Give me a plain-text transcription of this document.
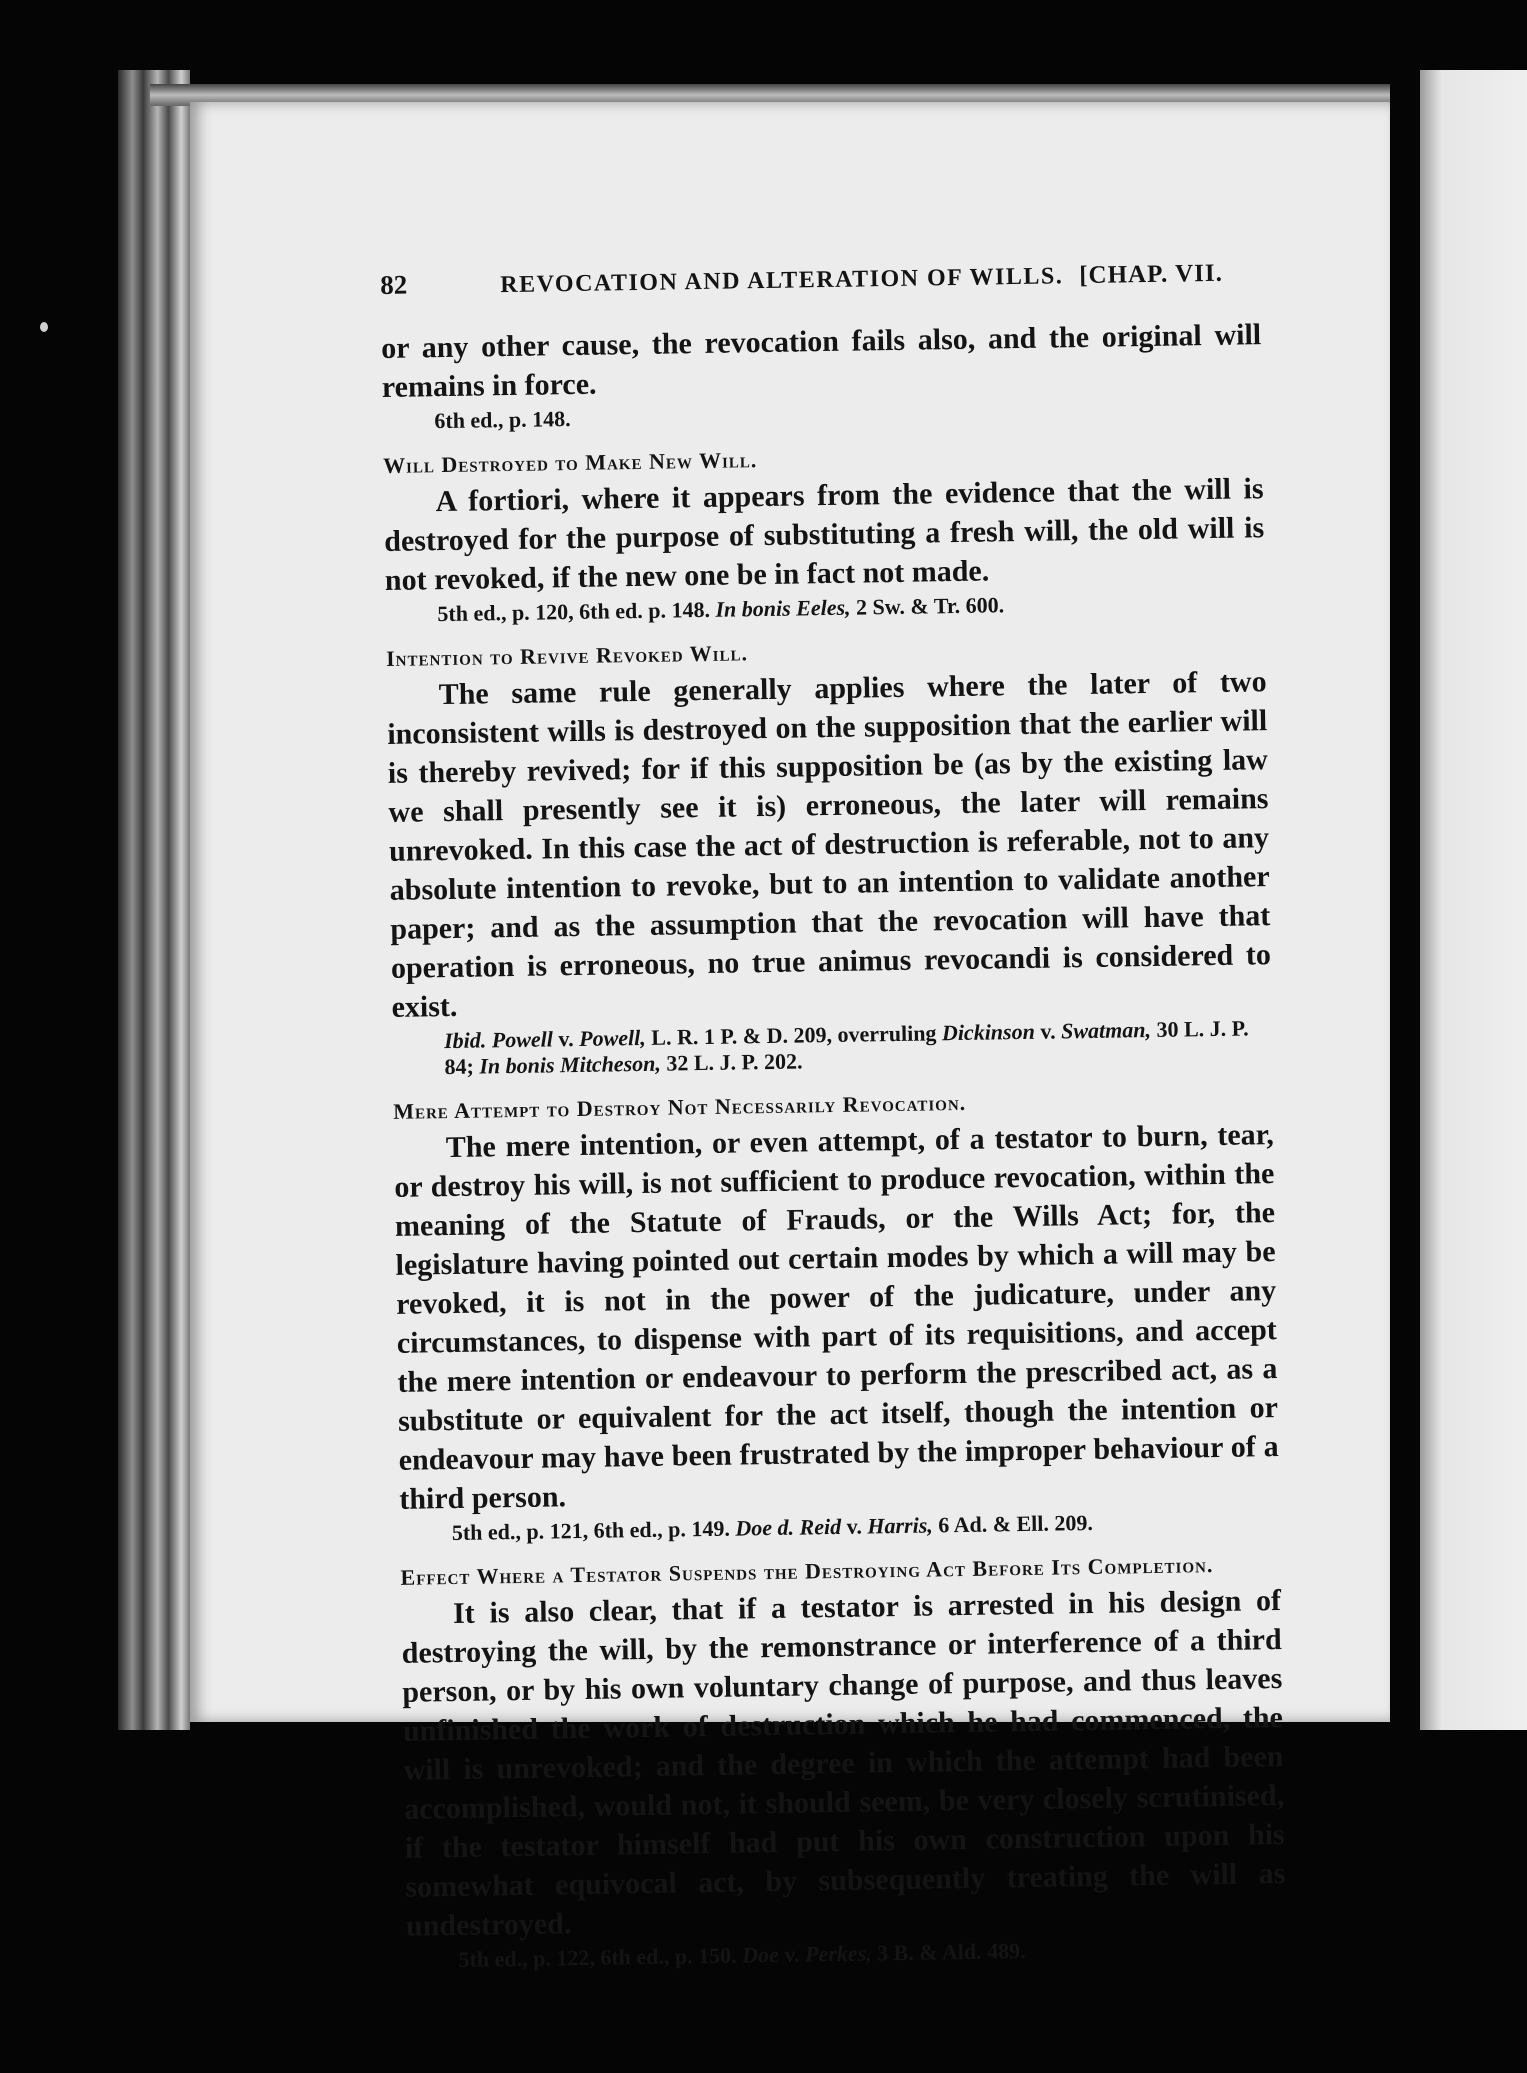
82	REVOCATION AND ALTERATION OF WILLS. [CHAP. VII.

or any other cause, the revocation fails also, and the original will remains in force.

6th ed., p. 148.

Will Destroyed to Make New Will.

A fortiori, where it appears from the evidence that the will is destroyed for the purpose of substituting a fresh will, the old will is not revoked, if the new one be in fact not made.

5th ed., p. 120, 6th ed. p. 148. In bonis Eeles, 2 Sw. & Tr. 600.

Intention to Revive Revoked Will.

The same rule generally applies where the later of two inconsistent wills is destroyed on the supposition that the earlier will is thereby revived; for if this supposition be (as by the existing law we shall presently see it is) erroneous, the later will remains unrevoked. In this case the act of destruction is referable, not to any absolute intention to revoke, but to an intention to validate another paper; and as the assumption that the revocation will have that operation is erroneous, no true animus revocandi is considered to exist.

Ibid. Powell v. Powell, L. R. 1 P. & D. 209, overruling Dickinson v. Swatman, 30 L. J. P. 84; In bonis Mitcheson, 32 L. J. P. 202.

Mere Attempt to Destroy Not Necessarily Revocation.

The mere intention, or even attempt, of a testator to burn, tear, or destroy his will, is not sufficient to produce revocation, within the meaning of the Statute of Frauds, or the Wills Act; for, the legislature having pointed out certain modes by which a will may be revoked, it is not in the power of the judicature, under any circumstances, to dispense with part of its requisitions, and accept the mere intention or endeavour to perform the prescribed act, as a substitute or equivalent for the act itself, though the intention or endeavour may have been frustrated by the improper behaviour of a third person.

5th ed., p. 121, 6th ed., p. 149. Doe d. Reid v. Harris, 6 Ad. & Ell. 209.

Effect Where a Testator Suspends the Destroying Act Before Its Completion.

It is also clear, that if a testator is arrested in his design of destroying the will, by the remonstrance or interference of a third person, or by his own voluntary change of purpose, and thus leaves unfinished the work of destruction which he had commenced, the will is unrevoked; and the degree in which the attempt had been accomplished, would not, it should seem, be very closely scrutinised, if the testator himself had put his own construction upon his somewhat equivocal act, by subsequently treating the will as undestroyed.

5th ed., p. 122, 6th ed., p. 150. Doe v. Perkes, 3 B. & Ald. 489.
